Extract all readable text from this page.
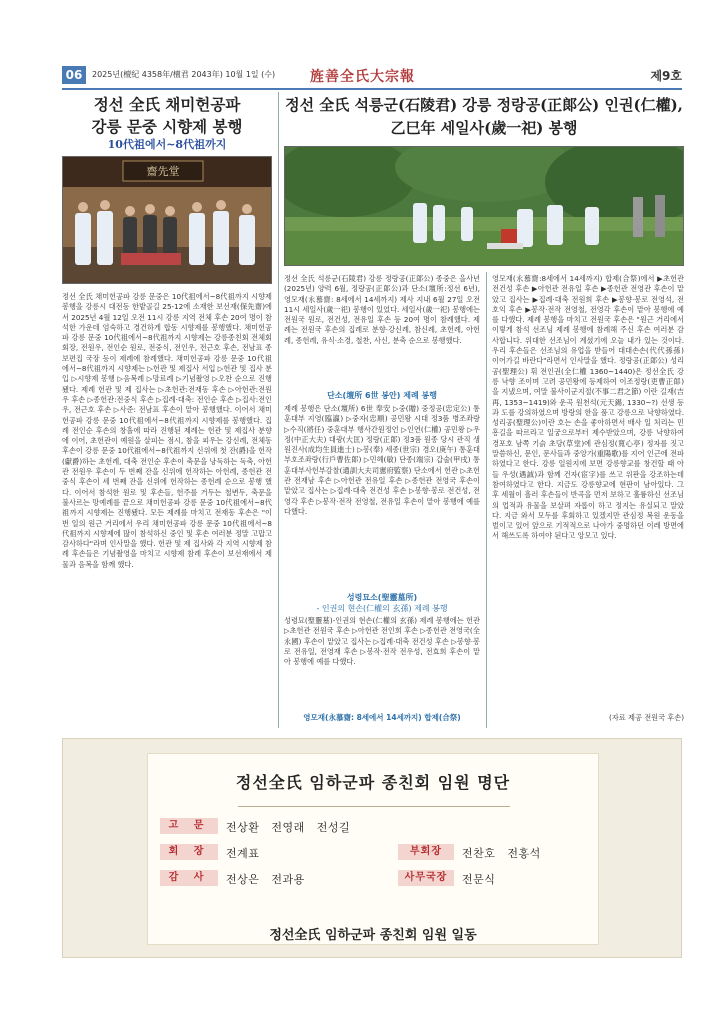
06	2025년(檀紀 4358年/檀君 2043年) 10월 1일 (수) 旌善全氏大宗報	제9호
정선 全氏 채미헌공파
강릉 문중 시향제 봉행
10代祖에서~8代祖까지
齋先堂
정선 全氏 채미헌공파 강릉 문중은 10代祖에서~8代祖까지 시향제 봉행을 강릉시 대전동 한밭골길 25-12에 소재한 보선재(保先齋)에서 2025년 4월 12일 오전 11시 강릉 지역 전체 후손 20여 명이 참석한 가운데 엄숙하고 경건하게 합동 시향제를 봉행했다. 채미헌공파 강릉 문중 10代祖에서~8代祖까지 시향제는 강릉종친회 전체회 회장, 전원우, 전인순 원로, 전중식, 전인우, 전근호 후손, 전남표 종보편집 국장 등이 제례에 참례했다. 채미헌공파 강릉 문중 10代祖에서~8代祖까지 시향제는 ▷헌관 및 제집사 서입 ▷헌관 및 집사 분입 ▷시향제 봉행 ▷음복례 ▷망료례 ▷기념촬영 ▷오찬 순으로 진행됐다. 제례 헌관 및 제 집사는 ▷초헌관:전재동 후손 ▷아헌관:전원우 후손 ▷종헌관:전중식 후손 ▷집례·대축: 전인순 후손 ▷집사:전인우, 전근호 후손 ▷사준: 전남표 후손이 맡아 봉행했다. 이어서 채미헌공파 강릉 문중 10代祖에서~8代祖까지 시향제를 봉행했다. 집례 전인순 후손의 창홀에 따라 진행된 제례는 헌관 및 제집사 분향에 이어, 초헌관이 예원을 살피는 점시, 참을 피우는 강신례, 전체동 후손이 강릉 문중 10代祖에서~8代祖까지 신위에 첫 잔(爵)을 헌작(獻爵)하는 초헌례, 대축 전인순 후손이 축문을 낭독하는 독축, 아헌관 전원우 후손이 두 번째 잔을 신위에 헌작하는 아헌례, 종헌관 전중식 후손이 세 번째 잔을 신위에 헌작하는 종헌례 순으로 봉행 했다. 이어서 참석한 원로 및 후손들, 헌주를 거두는 철변두, 축문을 불사르는 망예례를 끝으로 채미헌공파 강릉 문중 10代祖에서~8代祖까지 시향제는 진행됐다. 모든 제례를 마치고 전재동 후손은 "이번 일의 원근 거리에서 우리 채미헌공파 강릉 문중 10代祖에서~8代祖까지 시향제에 많이 참석하신 중인 및 후손 여러분 정말 고맙고 감사하다"라며 인사말을 했다. 헌관 및 제 집사와 각 지역 시향제 참례 후손들은 기념촬영을 마치고 시향제 참례 후손이 보선재에서 제물과 음복을 함께 했다.
정선 全氏 석릉군(石陵君) 강릉 정랑공(正郞公) 인권(仁權),
乙巳年 세일사(歲一祀) 봉행
정선 全氏 석릉군(石陵君) 강릉 정랑공(正郞公) 종중은 을사년(2025년) 양력 6월, 정랑공(正郞公)과 단소(壇所:정선 6년), 영모재(永慕齋: 8세에서 14세까지) 제사 지내 6월 27일 오전 11시 세일사(歲一祀) 봉행이 있었다. 세일사(歲一祀) 봉행에는 전원국 원로, 전건성, 전유일 후손 등 20여 명이 참례했다. 제례는 전원국 후손의 집례로 분향·강신례, 참신례, 초헌례, 아헌례, 종헌례, 유식·소경, 철찬, 사신, 분축 순으로 봉행했다.
단소(壇所 6世 봉안) 제례 봉행
제례 봉행은 단소(壇所) 6世 奉安 ▷중(贈) 중정공(忠定公) 통훈대부 지영(臨瀛) ▷중자(忠順) 공민왕 시대 정3품 병조좌랑 ▷수직(將任) 중훈대부 행사간원정언 ▷인연(仁權) 공민왕 ▷우정(中正大夫) 대광(大匡) 정랑(正郞) 정3품 원종 당시 관직 생원진사(成均生員進士) ▷봉(奉) 세종(世宗) 경오(庚午) 통훈대부호조좌랑(行戶曹佐郞) ▷민혜(敏) 단종(端宗) 갑술(甲戌) 통훈대부사헌부감찰(通訓大夫司憲府監察) 단소에서 헌관 ▷초헌관 전재남 후손 ▷아헌관 전유일 후손 ▷종헌관 전영국 후손이 맡았고 집사는 ▷집례·대축 전건성 후손 ▷봉향·봉로 전건성, 전영각 후손 ▷봉작·전작 전영철, 전유일 후손이 맡아 봉행에 예를 다했다.
성령묘소(聖靈墓所)
- 인권의 현손(仁權의 玄孫) 제례 봉행
성령묘(聖靈墓)-인권의 현손(仁權의 玄孫) 제례 봉행에는 헌관 ▷초헌관 전원국 후손 ▷아헌관 전인희 후손 ▷종헌관 전영국(全永國) 후손이 맡았고 집사는 ▷집례·대축 전건성 후손 ▷봉향·봉로 전유일, 전영재 후손 ▷봉작·전작 전우성, 전효희 후손이 맡아 봉행에 예를 다했다.
영모재(永慕齋: 8세에서 14세까지) 합제(合祭)
영모재(永慕齋:8세에서 14세까지) 합제(合祭)에서 ▶초헌관 전건성 후손 ▶아헌관 전유일 후손 ▶종헌관 전영관 후손이 맡았고 집사는 ▶집례·대축 전원희 후손 ▶봉향·봉로 전영석, 전호익 후손 ▶봉작·전작 전영철, 전영각 후손이 맡아 봉행에 예를 다했다. 제례 봉행을 마치고 전원국 후손은 "원근 거리에서 이렇게 참석 선조님 제례 봉행에 참례해 주신 후손 여러분 감사합니다. 위대한 선조님이 계셨기에 오늘 내가 있는 것이다. 우리 후손들은 선조님의 유업을 받들어 대대손손(代代孫孫) 이어가길 바란다"라면서 인사말을 했다. 정랑공(正郞公) 성리공(聖理公) 휘 전인권(全仁權 1360~1440)은 정선全氏 강릉 낙향 조이며 고려 공민왕에 등제하여 이조정랑(吏曹正郞)을 지냈으며, 여말 불사이군지절(不事二君之節) 이란 길재(吉再, 1353~1419)와 운곡 원천석(元天錫, 1330~?) 선생 등과 도를 강의하였으며 방랑의 한을 품고 강릉으로 낙향하였다. 성리공(聖理公)이란 호는 손을 좋아하면서 배사 일 처리는 민흥길을 따르라고 일궁으로부터 제수받았으며, 강릉 낙향하여 경포호 남쪽 기슭 초당(草堂)에 관심정(寬心亭) 정자를 짓고 말씀하신, 문인, 문사들과 중앙가(重陽歌)를 지어 인근에 전파하였다고 한다. 강릉 일원지에 보면 강릉향교를 창건할 때 아들 우성(遇誠)과 함께 건자(宦字)를 쓰고 위판을 강조하는데 참여하였다고 한다. 지금도 강릉향교에 현판이 남아있다. 그 후 세월이 흘러 후손들이 반곡을 먼저 보하고 훌륭하신 선조님의 업적과 유물을 보살펴 자롭이 하고 정지는 유실되고 말았다. 지금 와서 모두를 후회하고 있겠지만 관심정 복원 운동을 벌이고 있어 앞으로 기적적으로 나아가 중명하던 이레 방면에서 해쓰도록 하여야 된다고 앙모고 있다.
(자료 제공 전원국 후손)
정선全氏 임하군파 종친회 임원 명단
고 문	전상환 전영래 전성길
회 장	전계표	부회장	전찬호 전홍석
감 사	전상은 전과용	사무국장	전문식
정선全氏 임하군파 종친회 임원 일동
